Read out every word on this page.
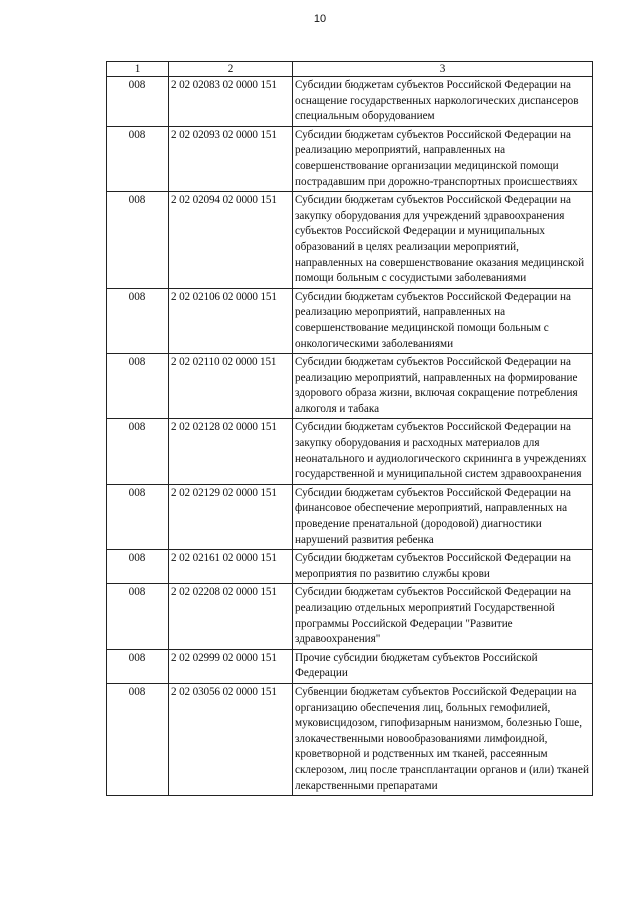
10
1	2	3
008	2 02 02083 02 0000 151	Субсидии бюджетам субъектов Российской Федерации на оснащение государственных наркологических диспансеров специальным оборудованием
008	2 02 02093 02 0000 151	Субсидии бюджетам субъектов Российской Федерации на реализацию мероприятий, направленных на совершенствование организации медицинской помощи пострадавшим при дорожно-транспортных происшествиях
008	2 02 02094 02 0000 151	Субсидии бюджетам субъектов Российской Федерации на закупку оборудования для учреждений здравоохранения субъектов Российской Федерации и муниципальных образований в целях реализации мероприятий, направленных на совершенствование оказания медицинской помощи больным с сосудистыми заболеваниями
008	2 02 02106 02 0000 151	Субсидии бюджетам субъектов Российской Федерации на реализацию мероприятий, направленных на совершенствование медицинской помощи больным с онкологическими заболеваниями
008	2 02 02110 02 0000 151	Субсидии бюджетам субъектов Российской Федерации на реализацию мероприятий, направленных на формирование здорового образа жизни, включая сокращение потребления алкоголя и табака
008	2 02 02128 02 0000 151	Субсидии бюджетам субъектов Российской Федерации на закупку оборудования и расходных материалов для неонатального и аудиологического скрининга в учреждениях государственной и муниципальной систем здравоохранения
008	2 02 02129 02 0000 151	Субсидии бюджетам субъектов Российской Федерации на финансовое обеспечение мероприятий, направленных на проведение пренатальной (дородовой) диагностики нарушений развития ребенка
008	2 02 02161 02 0000 151	Субсидии бюджетам субъектов Российской Федерации на мероприятия по развитию службы крови
008	2 02 02208 02 0000 151	Субсидии бюджетам субъектов Российской Федерации на реализацию отдельных мероприятий Государственной программы Российской Федерации "Развитие здравоохранения"
008	2 02 02999 02 0000 151	Прочие субсидии бюджетам субъектов Российской Федерации
008	2 02 03056 02 0000 151	Субвенции бюджетам субъектов Российской Федерации на организацию обеспечения лиц, больных гемофилией, муковисцидозом, гипофизарным нанизмом, болезнью Гоше, злокачественными новообразованиями лимфоидной, кроветворной и родственных им тканей, рассеянным склерозом, лиц после трансплантации органов и (или) тканей лекарственными препаратами
